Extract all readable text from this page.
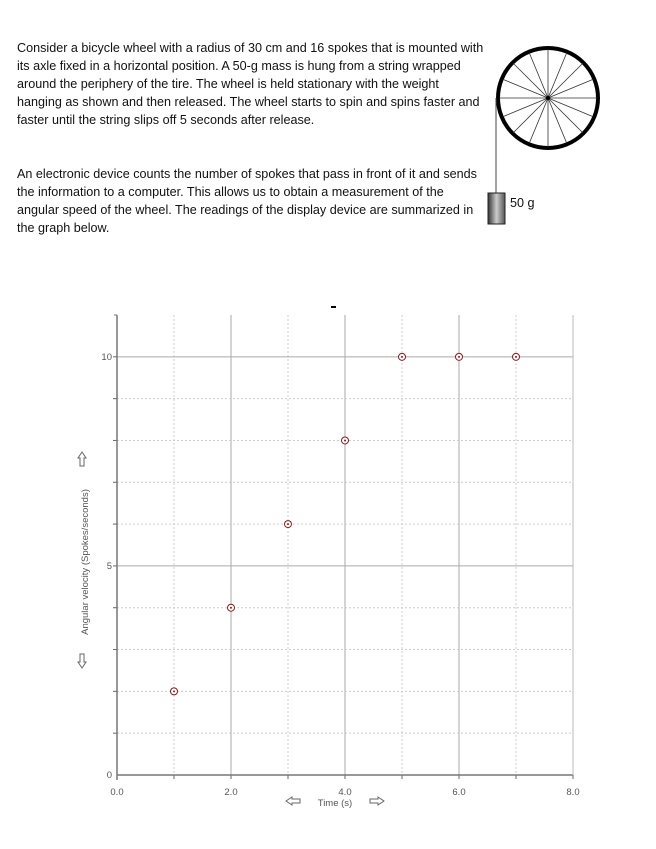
Consider a bicycle wheel with a radius of 30 cm and 16 spokes that is mounted with its axle fixed in a horizontal position. A 50-g mass is hung from a string wrapped around the periphery of the tire. The wheel is held stationary with the weight hanging as shown and then released. The wheel starts to spin and spins faster and faster until the string slips off 5 seconds after release.
An electronic device counts the number of spokes that pass in front of it and sends the information to a computer. This allows us to obtain a measurement of the angular speed of the wheel. The readings of the display device are summarized in the graph below.
50 g
0.0	2.0	4.0	6.0	8.0
0
5
10
Time (s)
Angular velocity (Spokes/seconds)
